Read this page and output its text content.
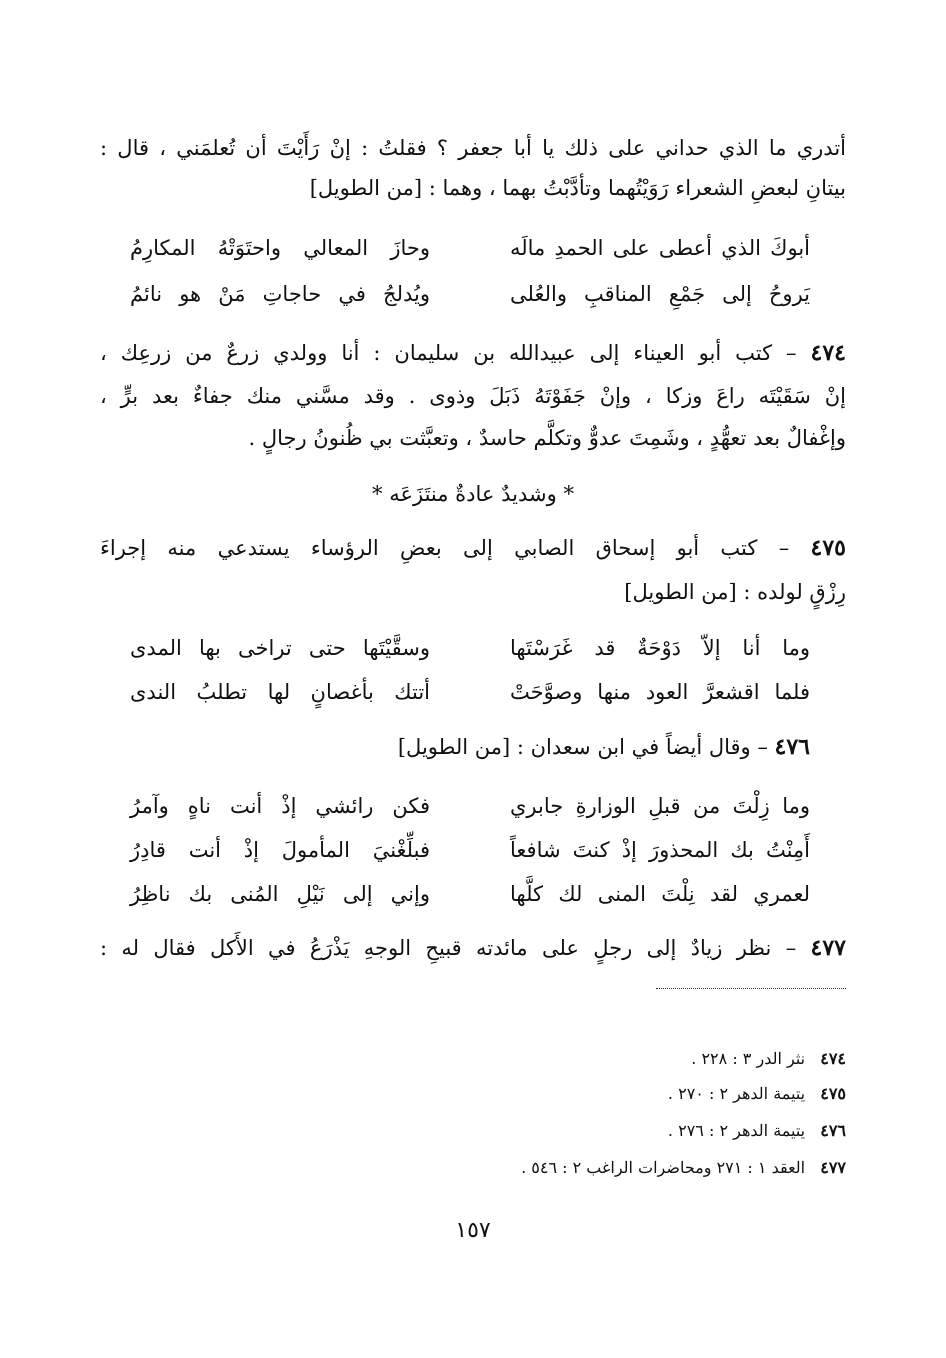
أتدري ما الذي حداني على ذلك يا أبا جعفر ؟ فقلتُ : إنْ رَأَيْتَ أن تُعلمَني ، قال :
بيتانِ لبعضِ الشعراء رَوَيْتُهما وتأدَّبْتُ بهما ، وهما : [من الطويل]
أبوكَ الذي أعطى على الحمدِ مالَه
وحازَ المعالي واحتَوَتْهُ المكارِمُ
يَروحُ إلى جَمْعِ المناقبِ والعُلى
ويُدلجُ في حاجاتِ مَنْ هو نائمُ
٤٧٤ – كتب أبو العيناء إلى عبيدالله بن سليمان : أنا وولدي زرعٌ من زرعِك ،
إنْ سَقَيْتَه راعَ وزكا ، وإنْ جَفَوْتَهُ ذَبَلَ وذوى . وقد مسَّني منك جفاءٌ بعد برٍّ ،
وإغْفالٌ بعد تعهُّدٍ ، وشَمِتَ عدوٌّ وتكلَّم حاسدٌ ، وتعبَّثت بي ظُنونُ رجالٍ .
* وشديدٌ عادةٌ منتَزَعَه *
٤٧٥ – كتب أبو إسحاق الصابي إلى بعضِ الرؤساء يستدعي منه إجراءَ
رِزْقٍ لولده : [من الطويل]
وما أنا إلاّ دَوْحَةٌ قد غَرَسْتَها
وسقَّيْتَها حتى تراخى بها المدى
فلما اقشعرَّ العود منها وصوَّحَتْ
أتتك بأغصانٍ لها تطلبُ الندى
٤٧٦ – وقال أيضاً في ابن سعدان : [من الطويل]
وما زِلْتَ من قبلِ الوزارةِ جابري
فكن رائشي إذْ أنت ناهٍ وآمرُ
أَمِنْتُ بك المحذورَ إذْ كنتَ شافعاً
فبلِّغْنيَ المأمولَ إذْ أنت قادِرُ
لعمري لقد نِلْتَ المنى لك كلَّها
وإني إلى نَيْلِ المُنى بك ناظِرُ
٤٧٧ – نظر زيادٌ إلى رجلٍ على مائدته قبيحِ الوجهِ يَذْرَعُ في الأَكل فقال له :
٤٧٤ نثر الدر ٣ : ٢٢٨ .
٤٧٥ يتيمة الدهر ٢ : ٢٧٠ .
٤٧٦ يتيمة الدهر ٢ : ٢٧٦ .
٤٧٧ العقد ١ : ٢٧١ ومحاضرات الراغب ٢ : ٥٤٦ .
١٥٧
